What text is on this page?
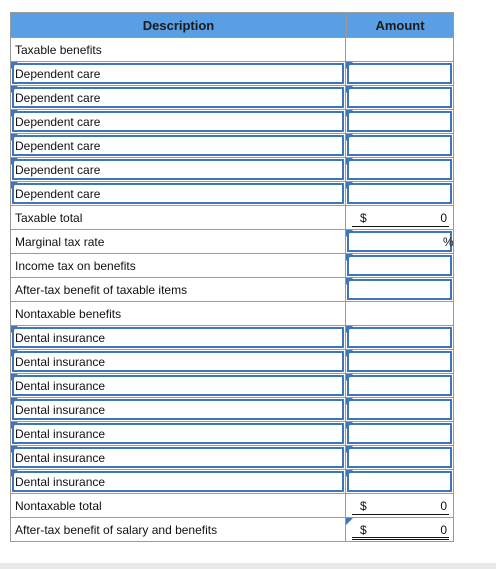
Description	Amount
Taxable benefits
Dependent care
Dependent care
Dependent care
Dependent care
Dependent care
Dependent care
Taxable total	$	0
Marginal tax rate	%
Income tax on benefits
After-tax benefit of taxable items
Nontaxable benefits
Dental insurance
Dental insurance
Dental insurance
Dental insurance
Dental insurance
Dental insurance
Dental insurance
Nontaxable total	$	0
After-tax benefit of salary and benefits	$	0
